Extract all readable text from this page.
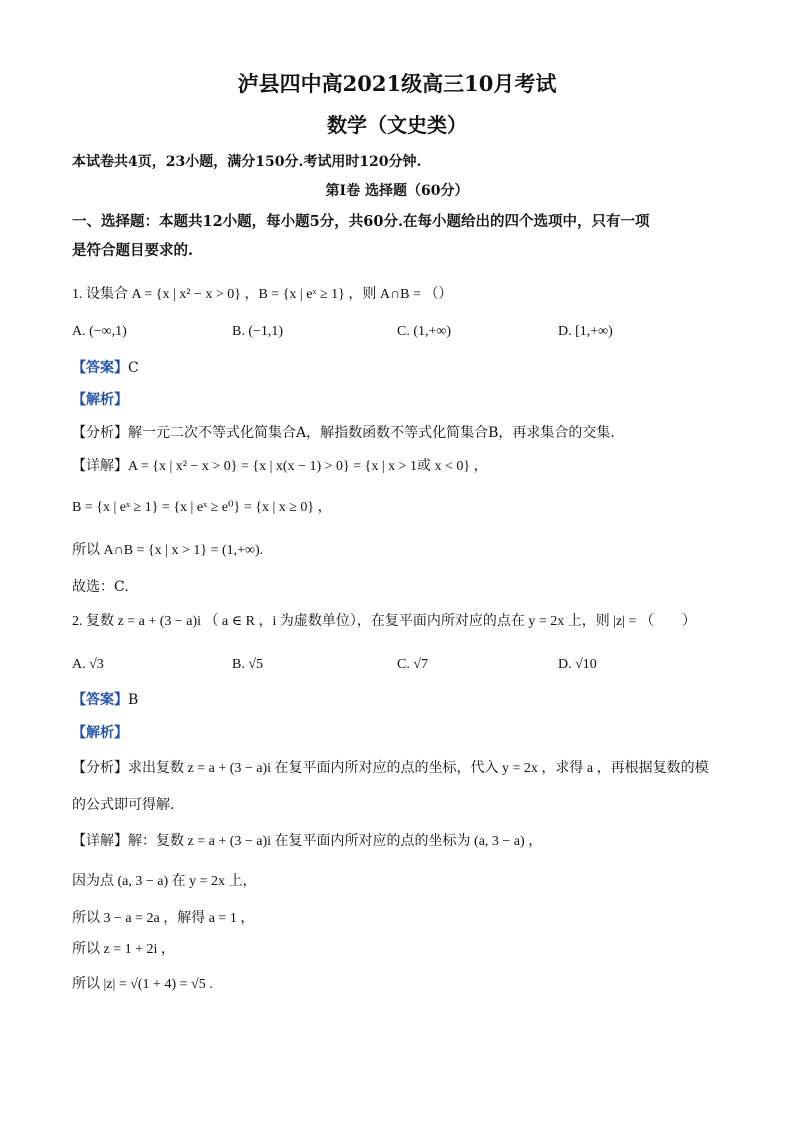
泸县四中高2021级高三10月考试
数学（文史类）
本试卷共4页，23小题，满分150分.考试用时120分钟.
第I卷 选择题（60分）
一、选择题：本题共12小题，每小题5分，共60分.在每小题给出的四个选项中，只有一项
是符合题目要求的.
1. 设集合 A = {x | x² − x > 0} ，B = {x | eˣ ≥ 1} ，则 A∩B = （）
A. (−∞,1)	B. (−1,1)	C. (1,+∞)	D. [1,+∞)
【答案】C
【解析】
【分析】解一元二次不等式化简集合A，解指数函数不等式化简集合B，再求集合的交集.
【详解】A = {x | x² − x > 0} = {x | x(x − 1) > 0} = {x | x > 1或 x < 0} ，
B = {x | eˣ ≥ 1} = {x | eˣ ≥ e⁰} = {x | x ≥ 0} ，
所以 A∩B = {x | x > 1} = (1,+∞).
故选：C.
2. 复数 z = a + (3 − a)i （ a ∈ R ，i 为虚数单位），在复平面内所对应的点在 y = 2x 上，则 |z| = （　　）
A. √3	B. √5	C. √7	D. √10
【答案】B
【解析】
【分析】求出复数 z = a + (3 − a)i 在复平面内所对应的点的坐标，代入 y = 2x ，求得 a ，再根据复数的模
的公式即可得解.
【详解】解：复数 z = a + (3 − a)i 在复平面内所对应的点的坐标为 (a, 3 − a) ，
因为点 (a, 3 − a) 在 y = 2x 上，
所以 3 − a = 2a ，解得 a = 1 ，
所以 z = 1 + 2i ，
所以 |z| = √(1 + 4) = √5 .
